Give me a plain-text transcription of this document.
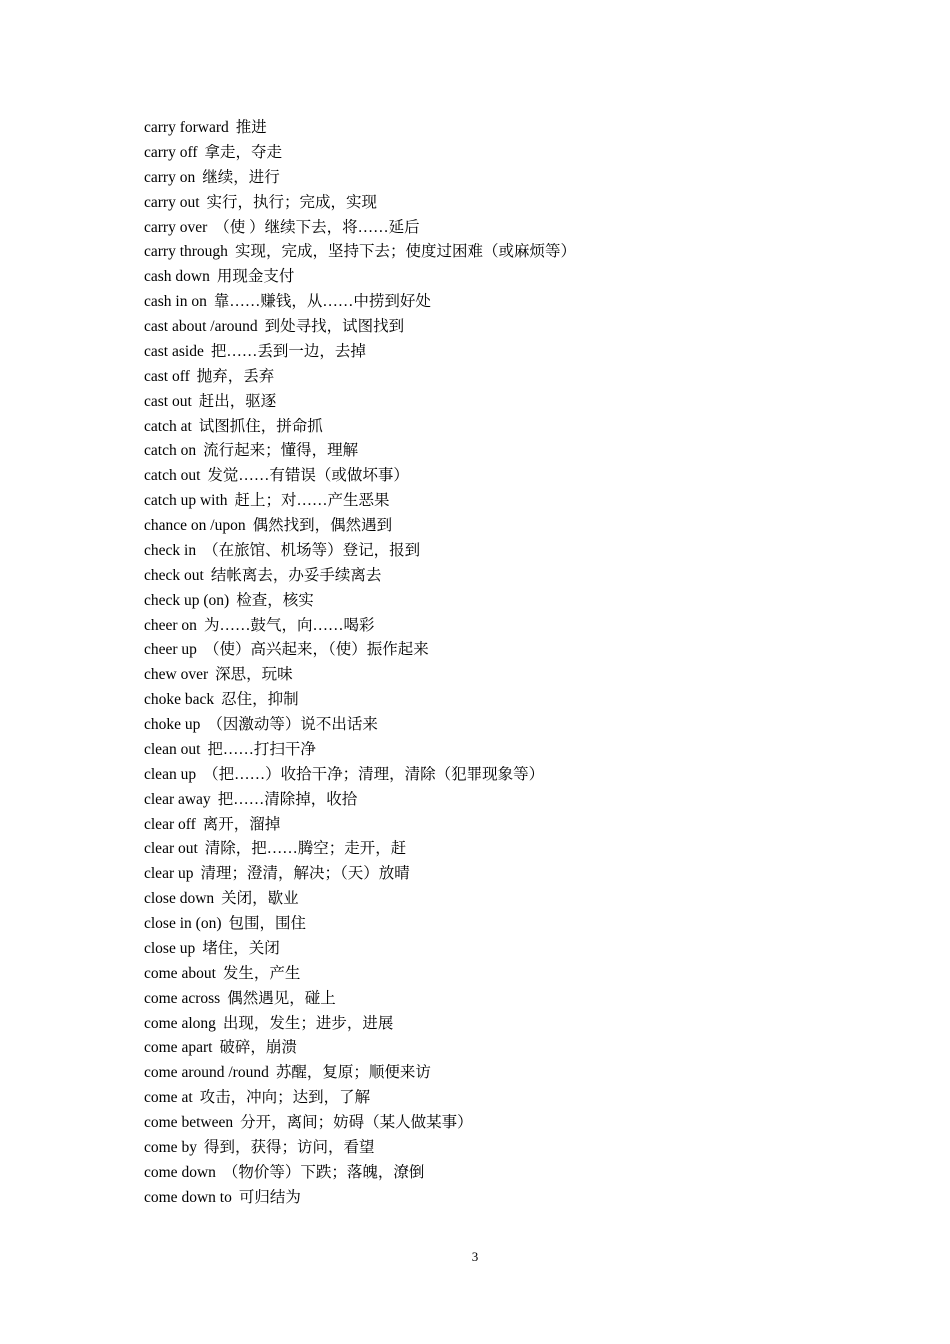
carry forward 推进
carry off 拿走，夺走
carry on 继续，进行
carry out 实行，执行；完成，实现
carry over （使 ）继续下去，将……延后
carry through 实现，完成，坚持下去；使度过困难（或麻烦等）
cash down 用现金支付
cash in on 靠……赚钱，从……中捞到好处
cast about /around 到处寻找，试图找到
cast aside 把……丢到一边，去掉
cast off 抛弃，丢弃
cast out 赶出，驱逐
catch at 试图抓住，拼命抓
catch on 流行起来；懂得，理解
catch out 发觉……有错误（或做坏事）
catch up with 赶上；对……产生恶果
chance on /upon 偶然找到，偶然遇到
check in （在旅馆、机场等）登记，报到
check out 结帐离去，办妥手续离去
check up (on) 检查，核实
cheer on 为……鼓气，向……喝彩
cheer up （使）高兴起来，（使）振作起来
chew over 深思，玩味
choke back 忍住，抑制
choke up （因激动等）说不出话来
clean out 把……打扫干净
clean up （把……）收拾干净；清理，清除（犯罪现象等）
clear away 把……清除掉，收拾
clear off 离开，溜掉
clear out 清除，把……腾空；走开，赶
clear up 清理；澄清，解决；（天）放晴
close down 关闭，歇业
close in (on) 包围，围住
close up 堵住，关闭
come about 发生，产生
come across 偶然遇见，碰上
come along 出现，发生；进步，进展
come apart 破碎，崩溃
come around /round 苏醒，复原；顺便来访
come at 攻击，冲向；达到，了解
come between 分开，离间；妨碍（某人做某事）
come by 得到，获得；访问，看望
come down （物价等）下跌；落魄，潦倒
come down to 可归结为
3
